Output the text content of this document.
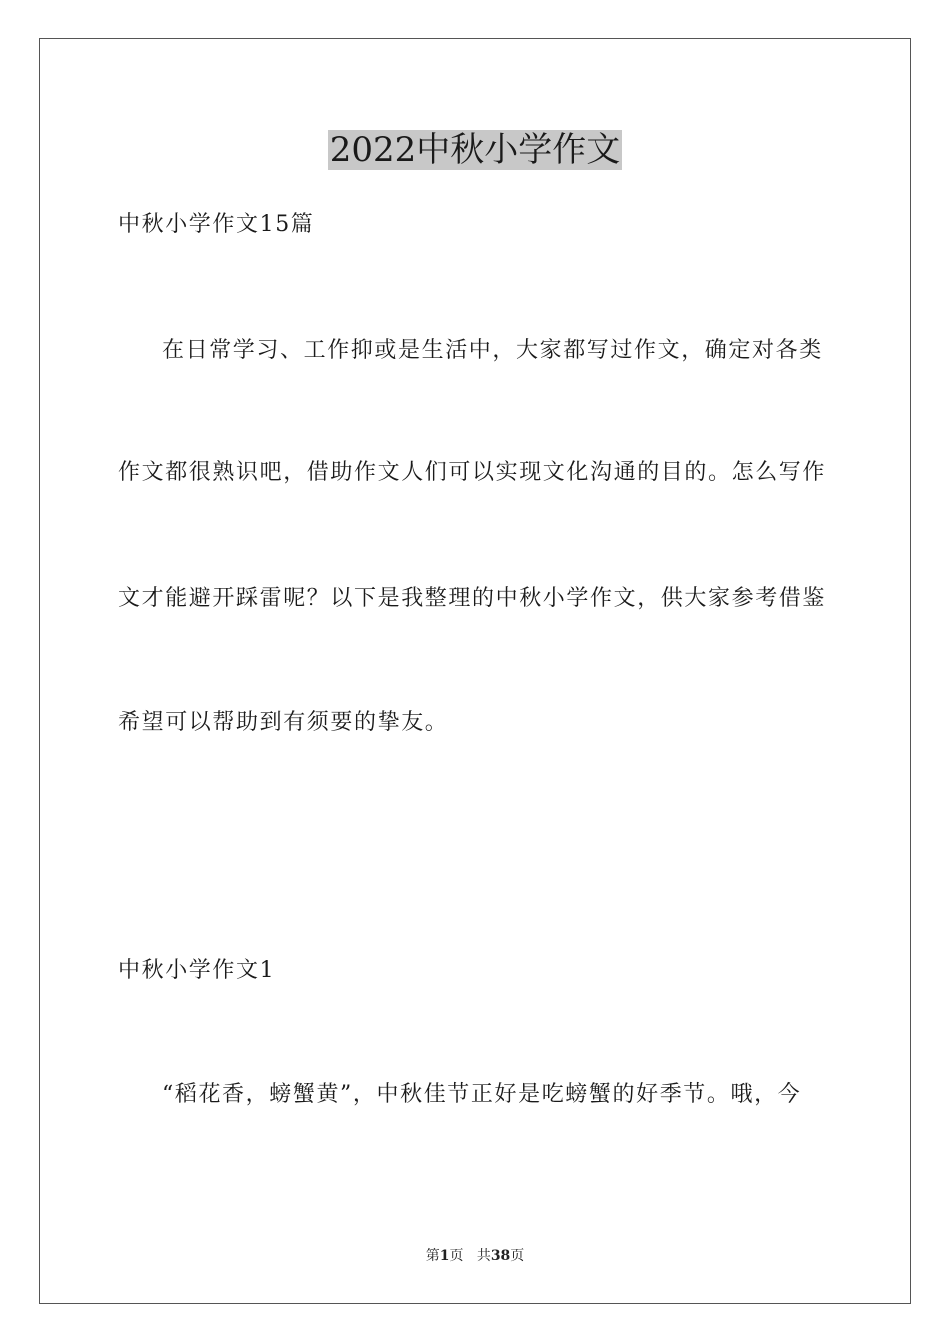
2022中秋小学作文
中秋小学作文15篇
在日常学习、工作抑或是生活中，大家都写过作文，确定对各类
作文都很熟识吧，借助作文人们可以实现文化沟通的目的。怎么写作
文才能避开踩雷呢？以下是我整理的中秋小学作文，供大家参考借鉴
希望可以帮助到有须要的挚友。
中秋小学作文1
“稻花香，螃蟹黄”，中秋佳节正好是吃螃蟹的好季节。哦，今
第1页 共38页
